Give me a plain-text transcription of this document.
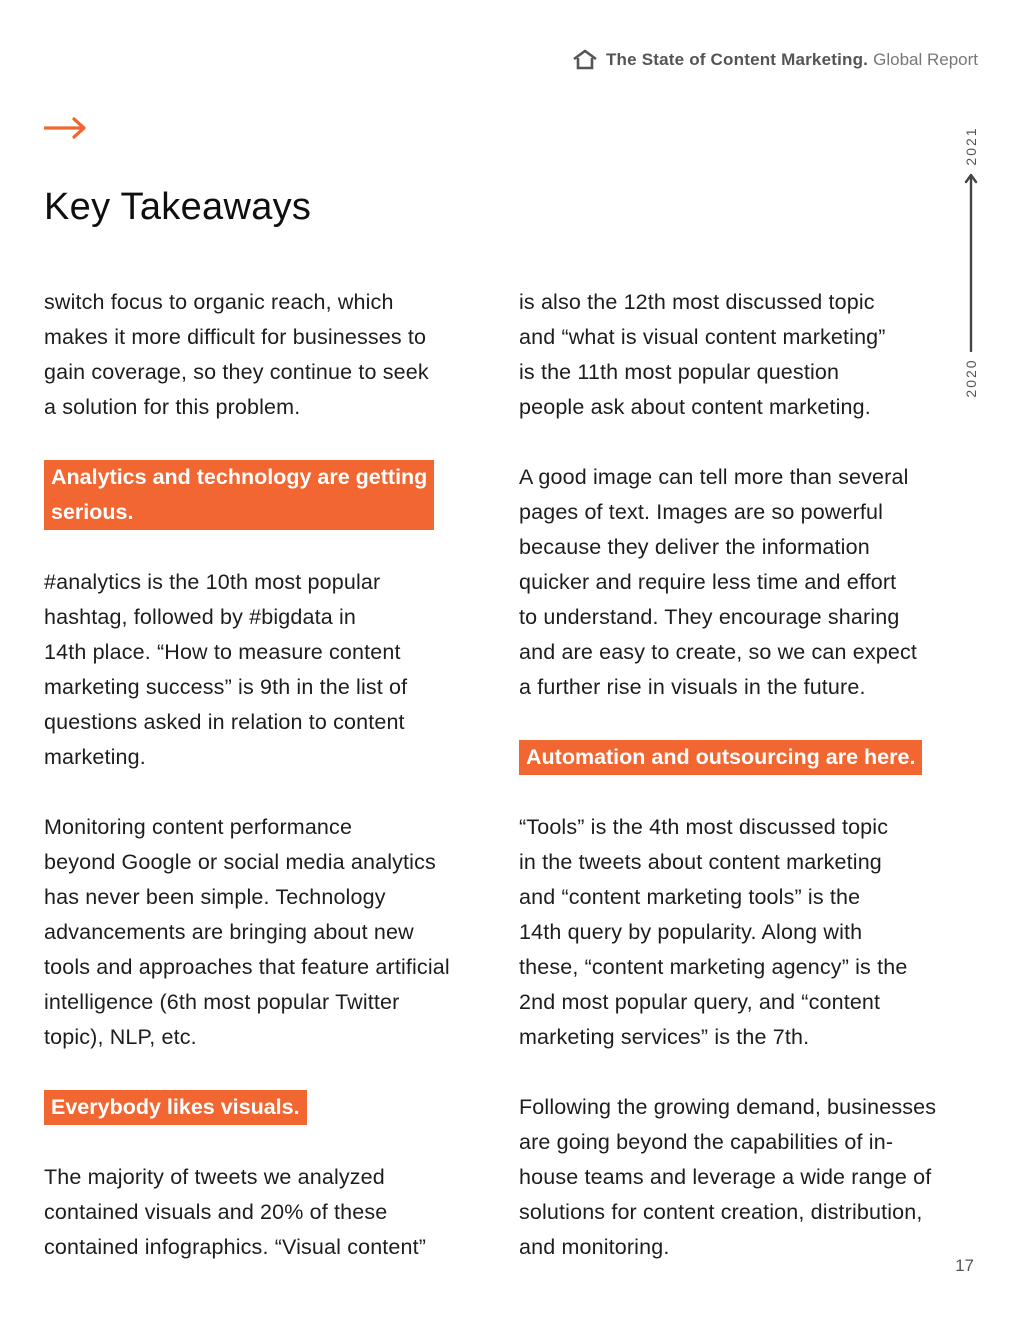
The State of Content Marketing. Global Report
Key Takeaways
2021
2020

switch focus to organic reach, which
makes it more difficult for businesses to
gain coverage, so they continue to seek
a solution for this problem.

Analytics and technology are getting
serious.

#analytics is the 10th most popular
hashtag, followed by #bigdata in
14th place. “How to measure content
marketing success” is 9th in the list of
questions asked in relation to content
marketing.

Monitoring content performance
beyond Google or social media analytics
has never been simple. Technology
advancements are bringing about new
tools and approaches that feature artificial
intelligence (6th most popular Twitter
topic), NLP, etc.

Everybody likes visuals.

The majority of tweets we analyzed
contained visuals and 20% of these
contained infographics. “Visual content”

is also the 12th most discussed topic
and “what is visual content marketing”
is the 11th most popular question
people ask about content marketing.

A good image can tell more than several
pages of text. Images are so powerful
because they deliver the information
quicker and require less time and effort
to understand. They encourage sharing
and are easy to create, so we can expect
a further rise in visuals in the future.

Automation and outsourcing are here.

“Tools” is the 4th most discussed topic
in the tweets about content marketing
and “content marketing tools” is the
14th query by popularity. Along with
these, “content marketing agency” is the
2nd most popular query, and “content
marketing services” is the 7th.

Following the growing demand, businesses
are going beyond the capabilities of in-
house teams and leverage a wide range of
solutions for content creation, distribution,
and monitoring.

17
